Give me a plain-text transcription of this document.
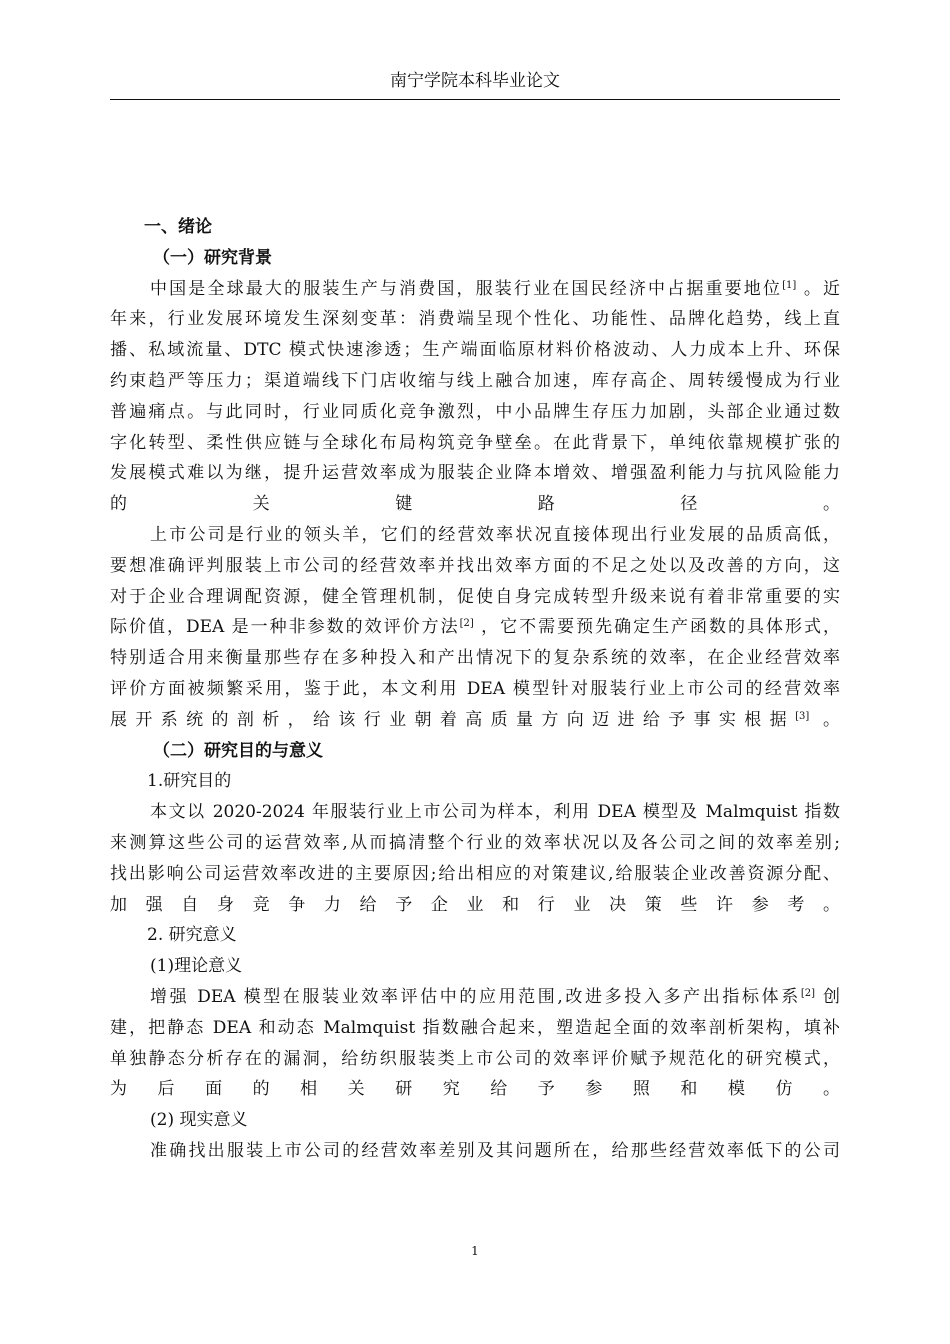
南宁学院本科毕业论文
一、绪论
（一）研究背景
中国是全球最大的服装生产与消费国，服装行业在国民经济中占据重要地位[1] 。近
年来，行业发展环境发生深刻变革：消费端呈现个性化、功能性、品牌化趋势，线上直
播、私域流量、DTC 模式快速渗透；生产端面临原材料价格波动、人力成本上升、环保
约束趋严等压力；渠道端线下门店收缩与线上融合加速，库存高企、周转缓慢成为行业
普遍痛点。与此同时，行业同质化竞争激烈，中小品牌生存压力加剧，头部企业通过数
字化转型、柔性供应链与全球化布局构筑竞争壁垒。在此背景下，单纯依靠规模扩张的
发展模式难以为继，提升运营效率成为服装企业降本增效、增强盈利能力与抗风险能力
的关键路径。
上市公司是行业的领头羊，它们的经营效率状况直接体现出行业发展的品质高低，
要想准确评判服装上市公司的经营效率并找出效率方面的不足之处以及改善的方向，这
对于企业合理调配资源，健全管理机制，促使自身完成转型升级来说有着非常重要的实
际价值，DEA 是一种非参数的效评价方法[2] ，它不需要预先确定生产函数的具体形式，
特别适合用来衡量那些存在多种投入和产出情况下的复杂系统的效率，在企业经营效率
评价方面被频繁采用，鉴于此，本文利用 DEA 模型针对服装行业上市公司的经营效率
展开系统的剖析，给该行业朝着高质量方向迈进给予事实根据[3] 。
（二）研究目的与意义
1.研究目的
本文以 2020-2024 年服装行业上市公司为样本，利用 DEA 模型及 Malmquist 指数
来测算这些公司的运营效率,从而搞清整个行业的效率状况以及各公司之间的效率差别;
找出影响公司运营效率改进的主要原因;给出相应的对策建议,给服装企业改善资源分配、
加强自身竞争力给予企业和行业决策些许参考。
2. 研究意义
(1)理论意义
增强 DEA 模型在服装业效率评估中的应用范围,改进多投入多产出指标体系[2] 创
建，把静态 DEA 和动态 Malmquist 指数融合起来，塑造起全面的效率剖析架构，填补
单独静态分析存在的漏洞，给纺织服装类上市公司的效率评价赋予规范化的研究模式，
为后面的相关研究给予参照和模仿。
(2) 现实意义
准确找出服装上市公司的经营效率差别及其问题所在，给那些经营效率低下的公司
1
